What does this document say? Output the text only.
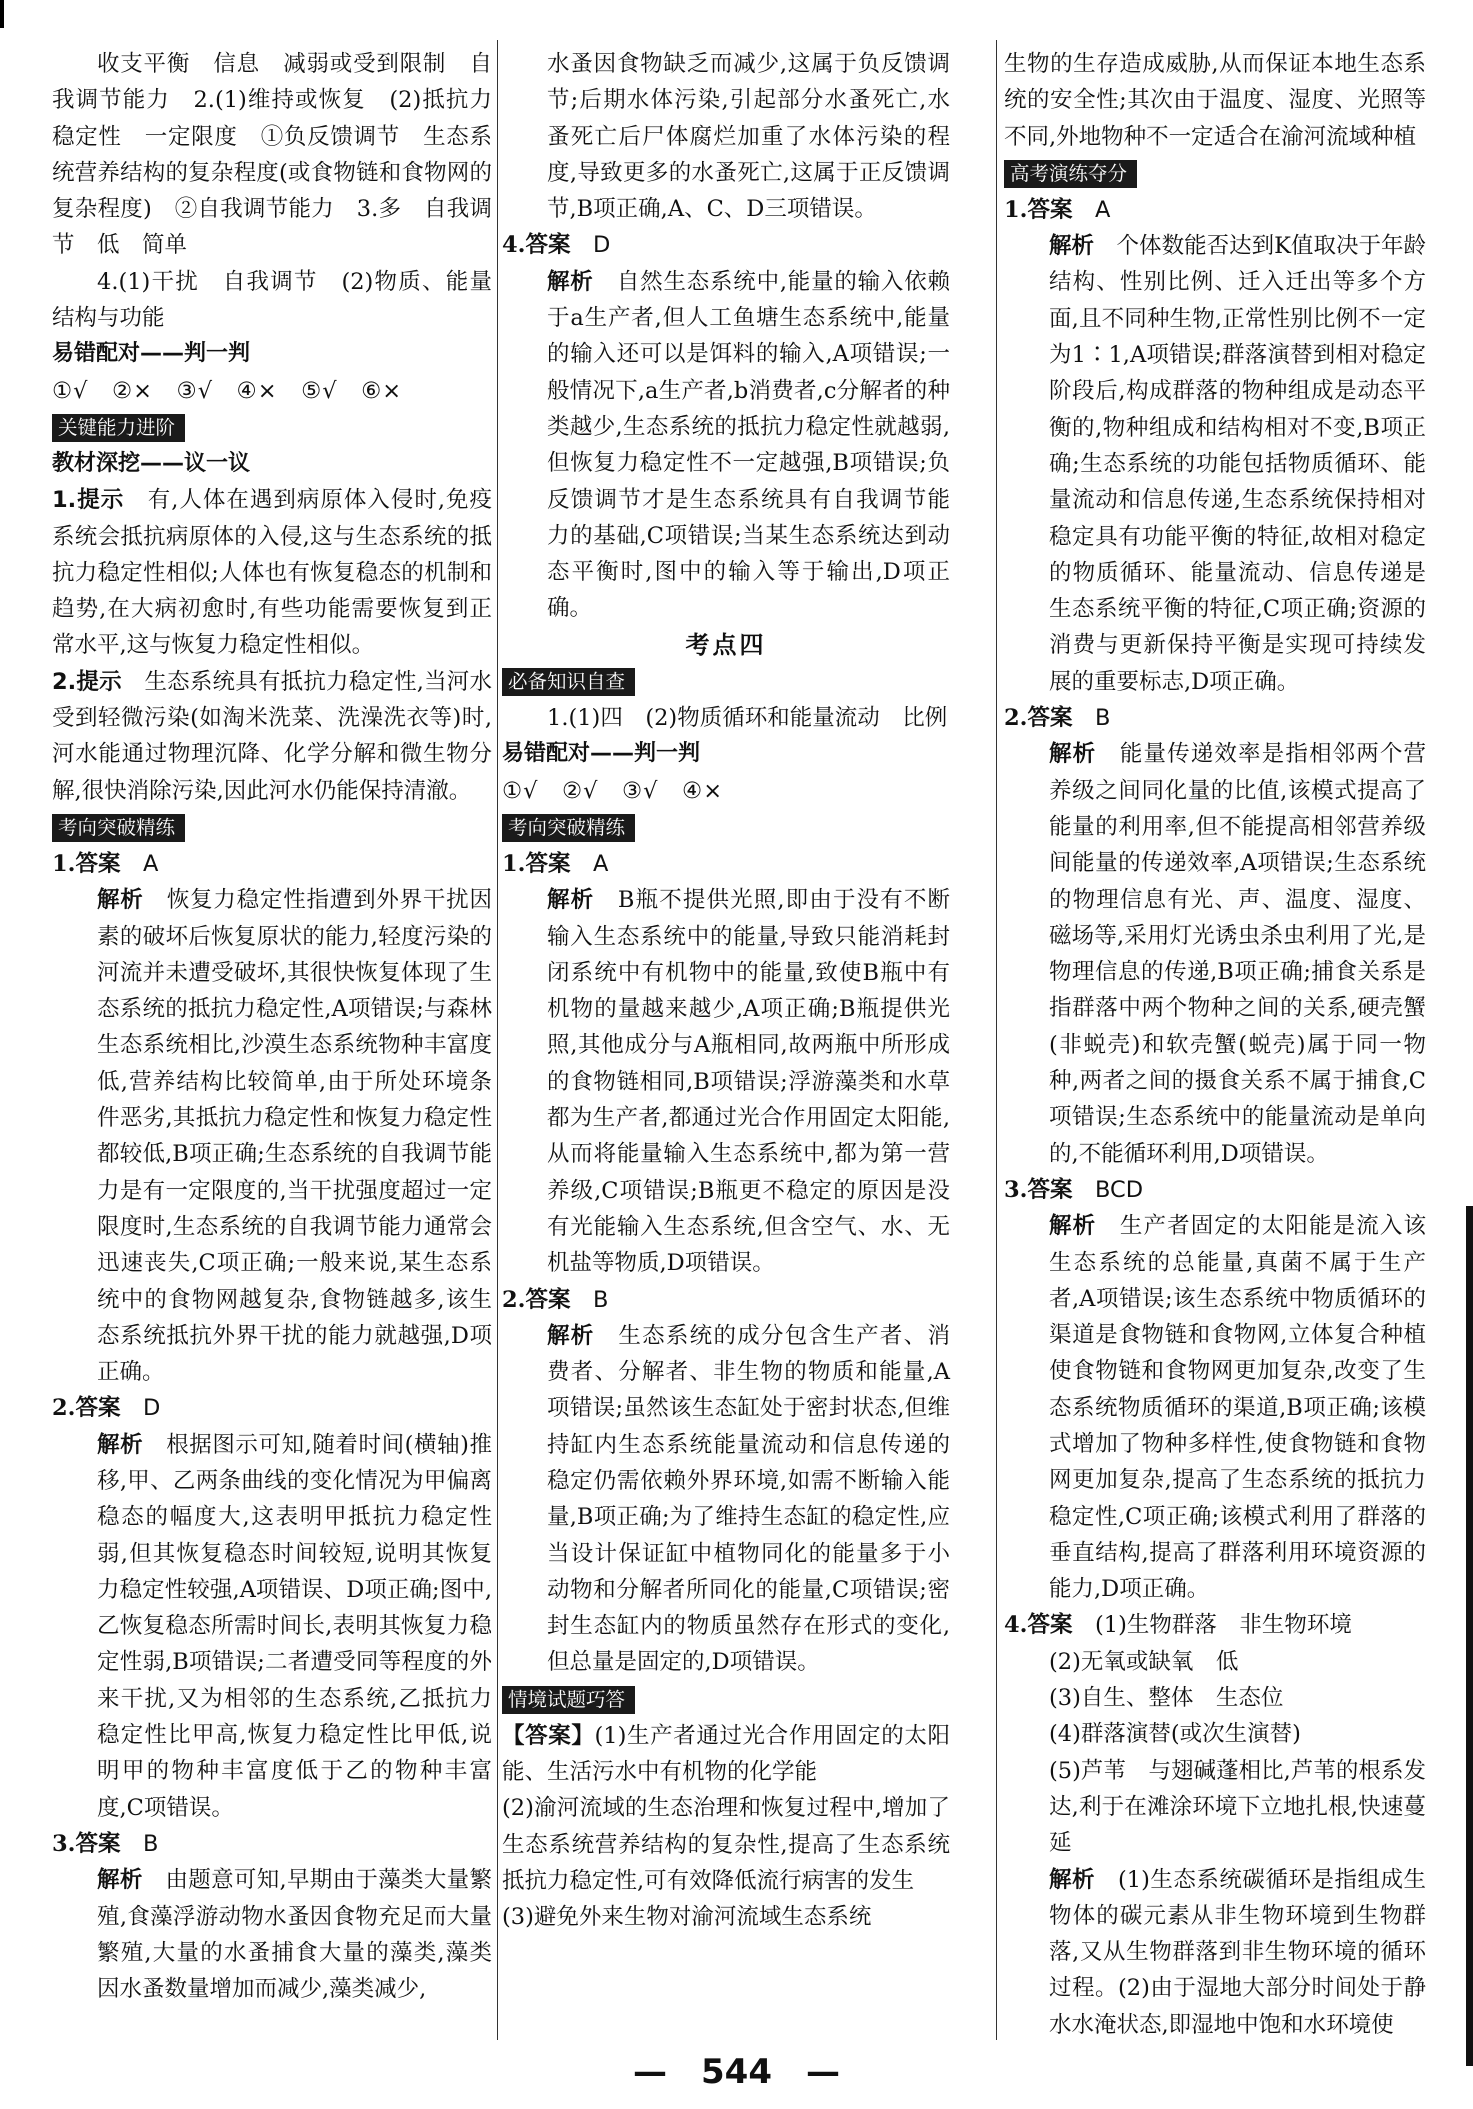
收支平衡　信息　减弱或受到限制　自我调节能力　2.(1)维持或恢复　(2)抵抗力稳定性　一定限度　①负反馈调节　生态系统营养结构的复杂程度(或食物链和食物网的复杂程度)　②自我调节能力　3.多　自我调节　低　简单

4.(1)干扰　自我调节　(2)物质、能量结构与功能

易错配对——判一判

①√　②×　③√　④×　⑤√　⑥×

关键能力进阶

教材深挖——议一议

1.提示　 有,人体在遇到病原体入侵时,免疫系统会抵抗病原体的入侵,这与生态系统的抵抗力稳定性相似;人体也有恢复稳态的机制和趋势,在大病初愈时,有些功能需要恢复到正常水平,这与恢复力稳定性相似。

2.提示　 生态系统具有抵抗力稳定性,当河水受到轻微污染(如淘米洗菜、洗澡洗衣等)时,河水能通过物理沉降、化学分解和微生物分解,很快消除污染,因此河水仍能保持清澈。

考向突破精练

1.答案　 A

解析　 恢复力稳定性指遭到外界干扰因素的破坏后恢复原状的能力,轻度污染的河流并未遭受破坏,其很快恢复体现了生态系统的抵抗力稳定性,A项错误;与森林生态系统相比,沙漠生态系统物种丰富度低,营养结构比较简单,由于所处环境条件恶劣,其抵抗力稳定性和恢复力稳定性都较低,B项正确;生态系统的自我调节能力是有一定限度的,当干扰强度超过一定限度时,生态系统的自我调节能力通常会迅速丧失,C项正确;一般来说,某生态系统中的食物网越复杂,食物链越多,该生态系统抵抗外界干扰的能力就越强,D项正确。

2.答案　 D

解析　 根据图示可知,随着时间(横轴)推移,甲、乙两条曲线的变化情况为甲偏离稳态的幅度大,这表明甲抵抗力稳定性弱,但其恢复稳态时间较短,说明其恢复力稳定性较强,A项错误、D项正确;图中,乙恢复稳态所需时间长,表明其恢复力稳定性弱,B项错误;二者遭受同等程度的外来干扰,又为相邻的生态系统,乙抵抗力稳定性比甲高,恢复力稳定性比甲低,说明甲的物种丰富度低于乙的物种丰富度,C项错误。

3.答案　 B

解析　 由题意可知,早期由于藻类大量繁殖,食藻浮游动物水蚤因食物充足而大量繁殖,大量的水蚤捕食大量的藻类,藻类因水蚤数量增加而减少,藻类减少,

水蚤因食物缺乏而减少,这属于负反馈调节;后期水体污染,引起部分水蚤死亡,水蚤死亡后尸体腐烂加重了水体污染的程度,导致更多的水蚤死亡,这属于正反馈调节,B项正确,A、C、D三项错误。

4.答案　 D

解析　 自然生态系统中,能量的输入依赖于a生产者,但人工鱼塘生态系统中,能量的输入还可以是饵料的输入,A项错误;一般情况下,a生产者,b消费者,c分解者的种类越少,生态系统的抵抗力稳定性就越弱,但恢复力稳定性不一定越强,B项错误;负反馈调节才是生态系统具有自我调节能力的基础,C项错误;当某生态系统达到动态平衡时,图中的输入等于输出,D项正确。

考点四

必备知识自查

1.(1)四　(2)物质循环和能量流动　比例

易错配对——判一判

①√　②√　③√　④×

考向突破精练

1.答案　 A

解析　 B瓶不提供光照,即由于没有不断输入生态系统中的能量,导致只能消耗封闭系统中有机物中的能量,致使B瓶中有机物的量越来越少,A项正确;B瓶提供光照,其他成分与A瓶相同,故两瓶中所形成的食物链相同,B项错误;浮游藻类和水草都为生产者,都通过光合作用固定太阳能,从而将能量输入生态系统中,都为第一营养级,C项错误;B瓶更不稳定的原因是没有光能输入生态系统,但含空气、水、无机盐等物质,D项错误。

2.答案　 B

解析　 生态系统的成分包含生产者、消费者、分解者、非生物的物质和能量,A项错误;虽然该生态缸处于密封状态,但维持缸内生态系统能量流动和信息传递的稳定仍需依赖外界环境,如需不断输入能量,B项正确;为了维持生态缸的稳定性,应当设计保证缸中植物同化的能量多于小动物和分解者所同化的能量,C项错误;密封生态缸内的物质虽然存在形式的变化,但总量是固定的,D项错误。

情境试题巧答

【答案】(1)生产者通过光合作用固定的太阳能、生活污水中有机物的化学能

(2)渝河流域的生态治理和恢复过程中,增加了生态系统营养结构的复杂性,提高了生态系统抵抗力稳定性,可有效降低流行病害的发生

(3)避免外来生物对渝河流域生态系统

生物的生存造成威胁,从而保证本地生态系统的安全性;其次由于温度、湿度、光照等不同,外地物种不一定适合在渝河流域种植

高考演练夺分

1.答案　 A

解析　 个体数能否达到K值取决于年龄结构、性别比例、迁入迁出等多个方面,且不同种生物,正常性别比例不一定为1∶1,A项错误;群落演替到相对稳定阶段后,构成群落的物种组成是动态平衡的,物种组成和结构相对不变,B项正确;生态系统的功能包括物质循环、能量流动和信息传递,生态系统保持相对稳定具有功能平衡的特征,故相对稳定的物质循环、能量流动、信息传递是生态系统平衡的特征,C项正确;资源的消费与更新保持平衡是实现可持续发展的重要标志,D项正确。

2.答案　 B

解析　 能量传递效率是指相邻两个营养级之间同化量的比值,该模式提高了能量的利用率,但不能提高相邻营养级间能量的传递效率,A项错误;生态系统的物理信息有光、声、温度、湿度、磁场等,采用灯光诱虫杀虫利用了光,是物理信息的传递,B项正确;捕食关系是指群落中两个物种之间的关系,硬壳蟹(非蜕壳)和软壳蟹(蜕壳)属于同一物种,两者之间的摄食关系不属于捕食,C项错误;生态系统中的能量流动是单向的,不能循环利用,D项错误。

3.答案　 BCD

解析　 生产者固定的太阳能是流入该生态系统的总能量,真菌不属于生产者,A项错误;该生态系统中物质循环的渠道是食物链和食物网,立体复合种植使食物链和食物网更加复杂,改变了生态系统物质循环的渠道,B项正确;该模式增加了物种多样性,使食物链和食物网更加复杂,提高了生态系统的抵抗力稳定性,C项正确;该模式利用了群落的垂直结构,提高了群落利用环境资源的能力,D项正确。

4.答案　 (1)生物群落　非生物环境

(2)无氧或缺氧　低

(3)自生、整体　生态位

(4)群落演替(或次生演替)

(5)芦苇　与翅碱蓬相比,芦苇的根系发达,利于在滩涂环境下立地扎根,快速蔓延

解析　 (1)生态系统碳循环是指组成生物体的碳元素从非生物环境到生物群落,又从生物群落到非生物环境的循环过程。(2)由于湿地大部分时间处于静水水淹状态,即湿地中饱和水环境使

—　544　—
